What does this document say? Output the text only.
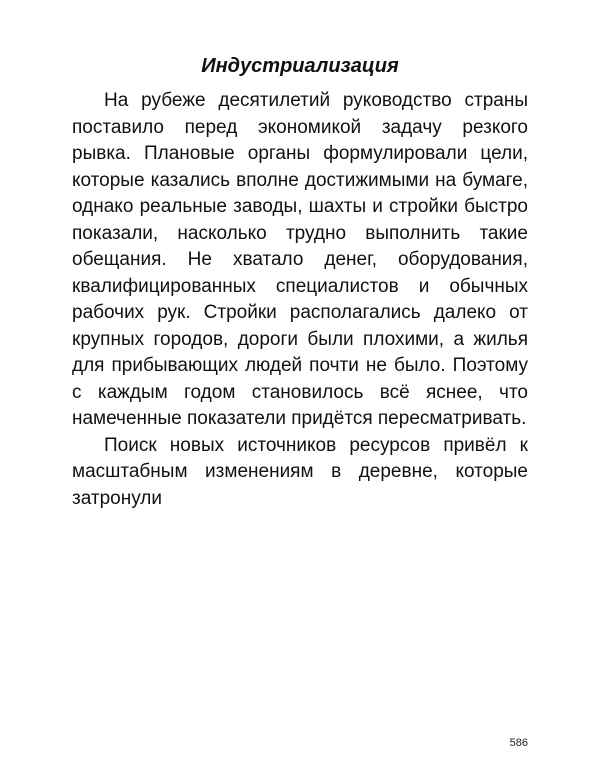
Индустриализация

На рубеже десятилетий руководство страны поставило перед экономикой задачу резкого рывка. Плановые органы формулировали цели, которые казались вполне достижимыми на бумаге, однако реальные заводы, шахты и стройки быстро показали, насколько трудно выполнить такие обещания. Не хватало денег, оборудования, квалифицированных специалистов и обычных рабочих рук. Стройки располагались далеко от крупных городов, дороги были плохими, а жилья для прибывающих людей почти не было. Поэтому с каждым годом становилось всё яснее, что намеченные показатели придётся пересматривать.

Поиск новых источников ресурсов привёл к масштабным изменениям в деревне, которые затронули

586
